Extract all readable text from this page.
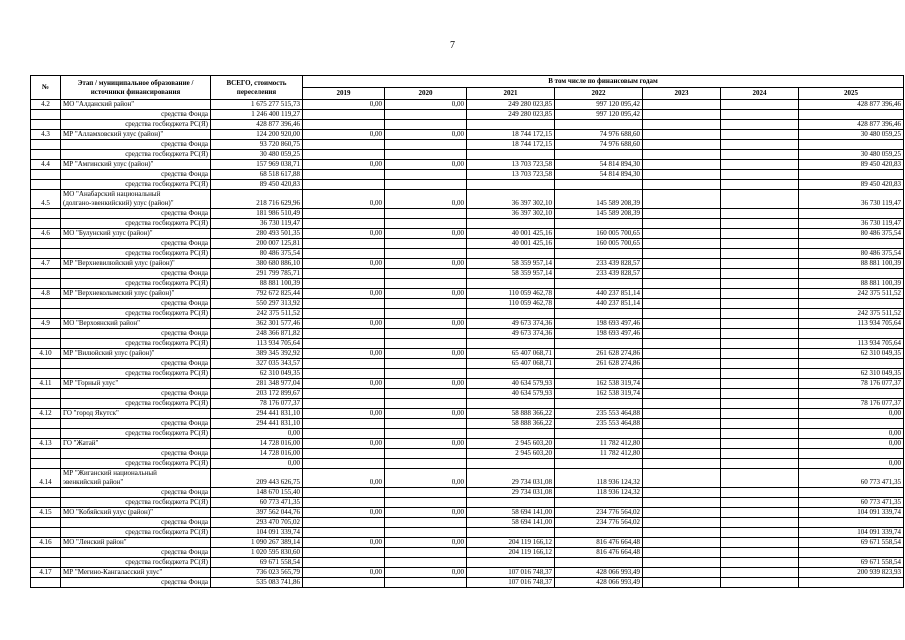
7
№	Этап / муниципальное образование / источники финансирования	ВСЕГО, стоимость переселения	В том числе по финансовым годам						
			2019	2020	2021	2022	2023	2024	2025
4.2	МО "Алданский район"	1 675 277 515,73	0,00	0,00	249 280 023,85	997 120 095,42			428 877 396,46
	средства Фонда	1 246 400 119,27			249 280 023,85	997 120 095,42			
	средства госбюджета РС(Я)	428 877 396,46							428 877 396,46
4.3	МР "Алламховский улус (район)"	124 200 920,00	0,00	0,00	18 744 172,15	74 976 688,60			30 480 059,25
	средства Фонда	93 720 860,75			18 744 172,15	74 976 688,60			
	средства госбюджета РС(Я)	30 480 059,25							30 480 059,25
4.4	МР "Амгинский улус (район)"	157 969 038,71	0,00	0,00	13 703 723,58	54 814 894,30			89 450 420,83
	средства Фонда	68 518 617,88			13 703 723,58	54 814 894,30			
	средства госбюджета РС(Я)	89 450 420,83							89 450 420,83
4.5	МО "Анабарский национальный
(долгано-эвенкийский) улус (район)"	218 716 629,96	0,00	0,00	36 397 302,10	145 589 208,39			36 730 119,47
	средства Фонда	181 986 510,49			36 397 302,10	145 589 208,39			
	средства госбюджета РС(Я)	36 730 119,47							36 730 119,47
4.6	МО "Булунский улус (район)"	280 493 501,35	0,00	0,00	40 001 425,16	160 005 700,65			80 486 375,54
	средства Фонда	200 007 125,81			40 001 425,16	160 005 700,65			
	средства госбюджета РС(Я)	80 486 375,54							80 486 375,54
4.7	МР "Верхневилюйский улус (район)"	380 680 886,10	0,00	0,00	58 359 957,14	233 439 828,57			88 881 100,39
	средства Фонда	291 799 785,71			58 359 957,14	233 439 828,57			
	средства госбюджета РС(Я)	88 881 100,39							88 881 100,39
4.8	МР "Верхнеколымский улус (район)"	792 672 825,44	0,00	0,00	110 059 462,78	440 237 851,14			242 375 511,52
	средства Фонда	550 297 313,92			110 059 462,78	440 237 851,14			
	средства госбюджета РС(Я)	242 375 511,52							242 375 511,52
4.9	МО "Верхоянский район"	362 301 577,46	0,00	0,00	49 673 374,36	198 693 497,46			113 934 705,64
	средства Фонда	248 366 871,82			49 673 374,36	198 693 497,46			
	средства госбюджета РС(Я)	113 934 705,64							113 934 705,64
4.10	МР "Вилюйский улус (район)"	389 345 392,92	0,00	0,00	65 407 068,71	261 628 274,86			62 310 049,35
	средства Фонда	327 035 343,57			65 407 068,71	261 628 274,86			
	средства госбюджета РС(Я)	62 310 049,35							62 310 049,35
4.11	МР "Горный улус"	281 348 977,04	0,00	0,00	40 634 579,93	162 538 319,74			78 176 077,37
	средства Фонда	203 172 899,67			40 634 579,93	162 538 319,74			
	средства госбюджета РС(Я)	78 176 077,37							78 176 077,37
4.12	ГО "город Якутск"	294 441 831,10	0,00	0,00	58 888 366,22	235 553 464,88			0,00
	средства Фонда	294 441 831,10			58 888 366,22	235 553 464,88			
	средства госбюджета РС(Я)	0,00							0,00
4.13	ГО "Жатай"	14 728 016,00	0,00	0,00	2 945 603,20	11 782 412,80			0,00
	средства Фонда	14 728 016,00			2 945 603,20	11 782 412,80			
	средства госбюджета РС(Я)	0,00							0,00
4.14	МР "Жиганский национальный
эвенкийский район"	209 443 626,75	0,00	0,00	29 734 031,08	118 936 124,32			60 773 471,35
	средства Фонда	148 670 155,40			29 734 031,08	118 936 124,32			
	средства госбюджета РС(Я)	60 773 471,35							60 773 471,35
4.15	МО "Кобяйский улус (район)"	397 562 044,76	0,00	0,00	58 694 141,00	234 776 564,02			104 091 339,74
	средства Фонда	293 470 705,02			58 694 141,00	234 776 564,02			
	средства госбюджета РС(Я)	104 091 339,74							104 091 339,74
4.16	МО "Ленский район"	1 090 267 389,14	0,00	0,00	204 119 166,12	816 476 664,48			69 671 558,54
	средства Фонда	1 020 595 830,60			204 119 166,12	816 476 664,48			
	средства госбюджета РС(Я)	69 671 558,54							69 671 558,54
4.17	МР "Мегино-Кангаласский улус"	736 023 565,79	0,00	0,00	107 016 748,37	428 066 993,49			200 939 823,93
	средства Фонда	535 083 741,86			107 016 748,37	428 066 993,49			
